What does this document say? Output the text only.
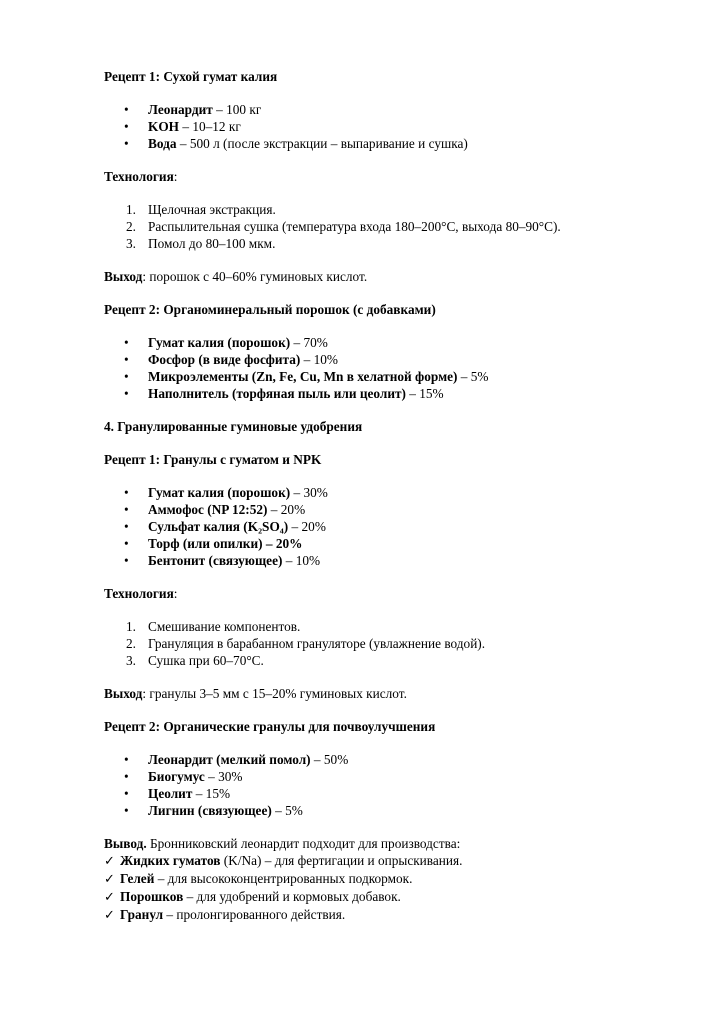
Рецепт 1: Сухой гумат калия

• Леонардит – 100 кг
• KOH – 10–12 кг
• Вода – 500 л (после экстракции – выпаривание и сушка)

Технология:

1. Щелочная экстракция.
2. Распылительная сушка (температура входа 180–200°C, выхода 80–90°C).
3. Помол до 80–100 мкм.

Выход: порошок с 40–60% гуминовых кислот.

Рецепт 2: Органоминеральный порошок (с добавками)

• Гумат калия (порошок) – 70%
• Фосфор (в виде фосфита) – 10%
• Микроэлементы (Zn, Fe, Cu, Mn в хелатной форме) – 5%
• Наполнитель (торфяная пыль или цеолит) – 15%

4. Гранулированные гуминовые удобрения

Рецепт 1: Гранулы с гуматом и NPK

• Гумат калия (порошок) – 30%
• Аммофос (NP 12:52) – 20%
• Сульфат калия (K₂SO₄) – 20%
• Торф (или опилки) – 20%
• Бентонит (связующее) – 10%

Технология:

1. Смешивание компонентов.
2. Грануляция в барабанном грануляторе (увлажнение водой).
3. Сушка при 60–70°C.

Выход: гранулы 3–5 мм с 15–20% гуминовых кислот.

Рецепт 2: Органические гранулы для почвоулучшения

• Леонардит (мелкий помол) – 50%
• Биогумус – 30%
• Цеолит – 15%
• Лигнин (связующее) – 5%

Вывод. Бронниковский леонардит подходит для производства:

✓ Жидких гуматов (K/Na) – для фертигации и опрыскивания.

✓ Гелей – для высококонцентрированных подкормок.

✓ Порошков – для удобрений и кормовых добавок.

✓ Гранул – пролонгированного действия.
